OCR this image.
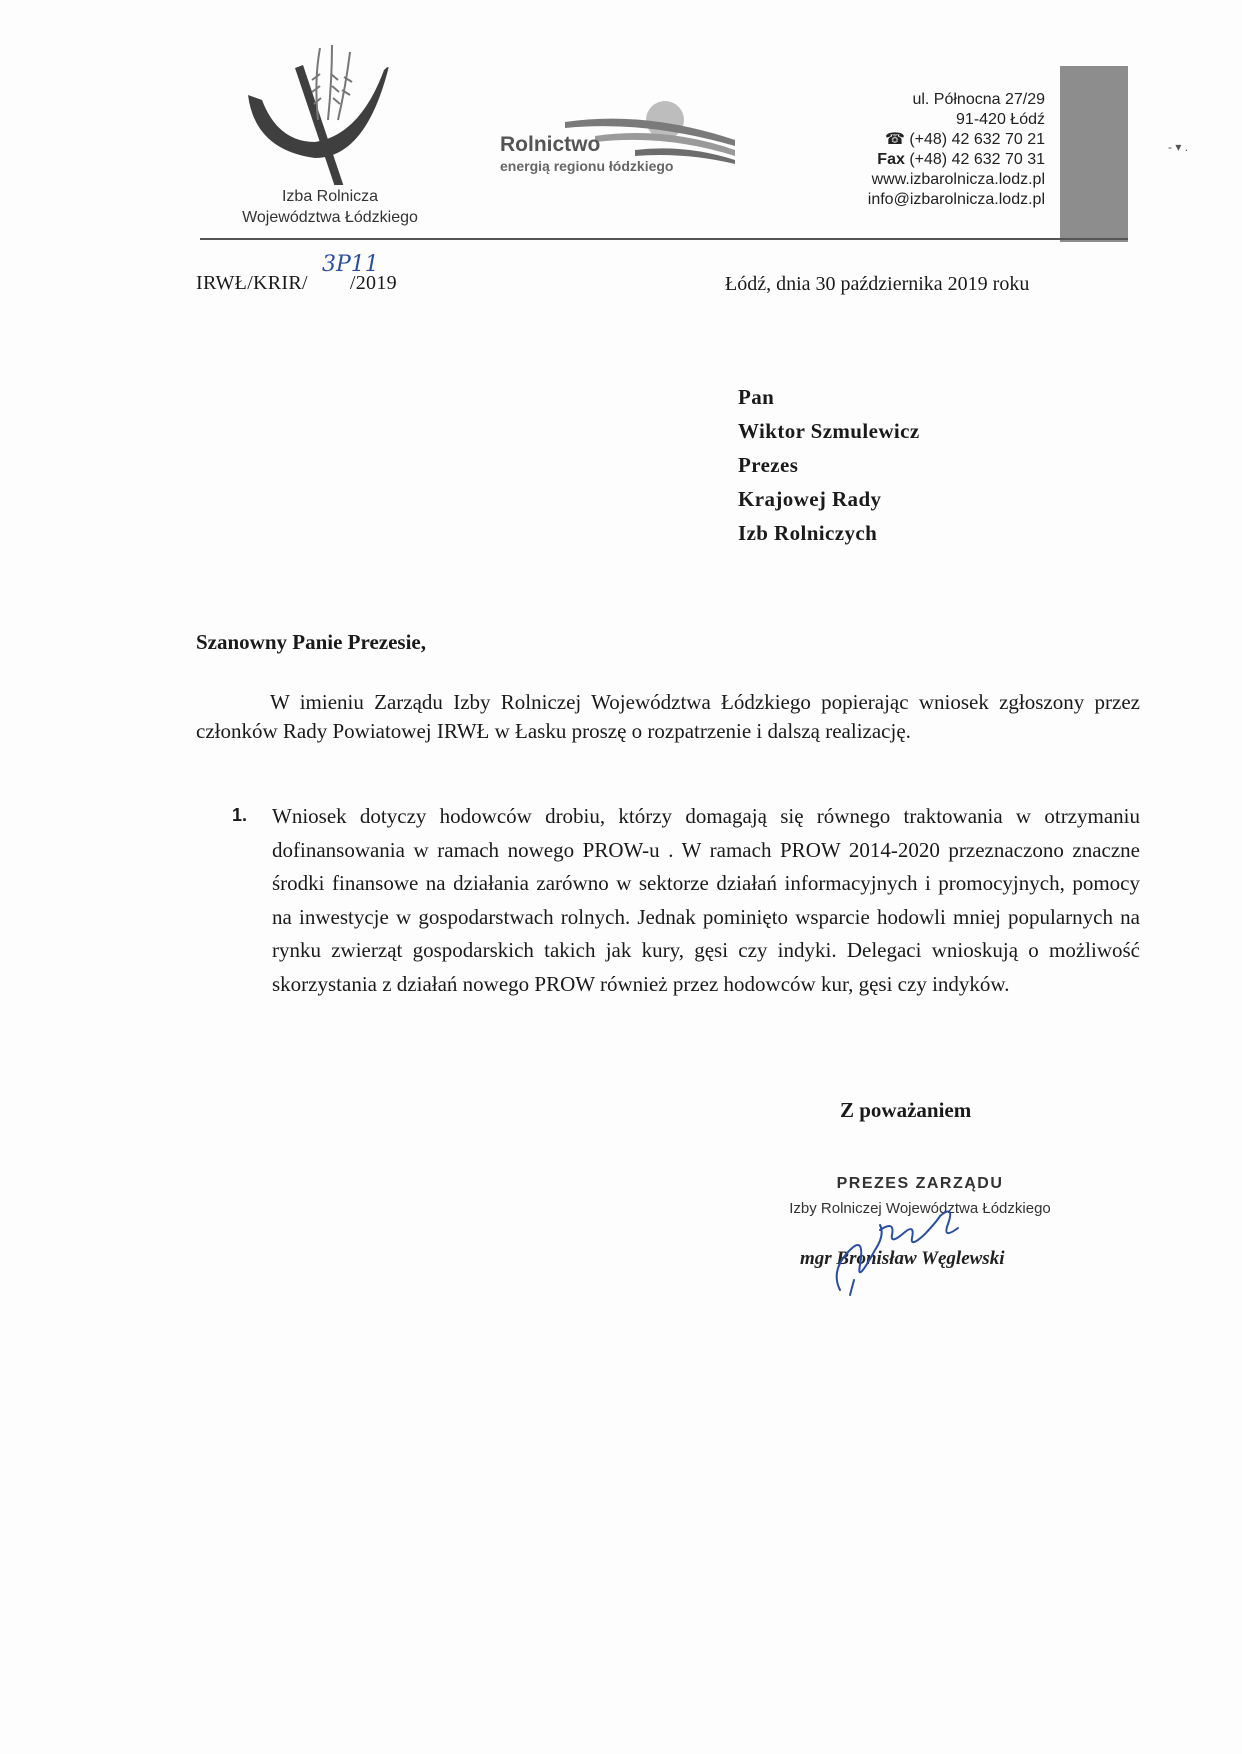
Izba Rolnicza
Województwa Łódzkiego
Rolnictwo
energią regionu łódzkiego
ul. Północna 27/29
91-420 Łódź
☎ (+48) 42 632 70 21
Fax (+48) 42 632 70 31
www.izbarolnicza.lodz.pl
info@izbarolnicza.lodz.pl
- ▾ .
IRWŁ/KRIR/ /2019
3Р11
Łódź, dnia 30 października 2019 roku
Pan
Wiktor Szmulewicz
Prezes
Krajowej Rady
Izb Rolniczych
Szanowny Panie Prezesie,
W imieniu Zarządu Izby Rolniczej Województwa Łódzkiego popierając wniosek zgłoszony przez członków Rady Powiatowej IRWŁ w Łasku proszę o rozpatrzenie i dalszą realizację.
1. Wniosek dotyczy hodowców drobiu, którzy domagają się równego traktowania w otrzymaniu dofinansowania w ramach nowego PROW-u . W ramach PROW 2014-2020 przeznaczono znaczne środki finansowe na działania zarówno w sektorze działań informacyjnych i promocyjnych, pomocy na inwestycje w gospodarstwach rolnych. Jednak pominięto wsparcie hodowli mniej popularnych na rynku zwierząt gospodarskich takich jak kury, gęsi czy indyki. Delegaci wnioskują o możliwość skorzystania z działań nowego PROW również przez hodowców kur, gęsi czy indyków.
Z poważaniem
PREZES ZARZĄDU
Izby Rolniczej Województwa Łódzkiego
mgr Bronisław Węglewski
